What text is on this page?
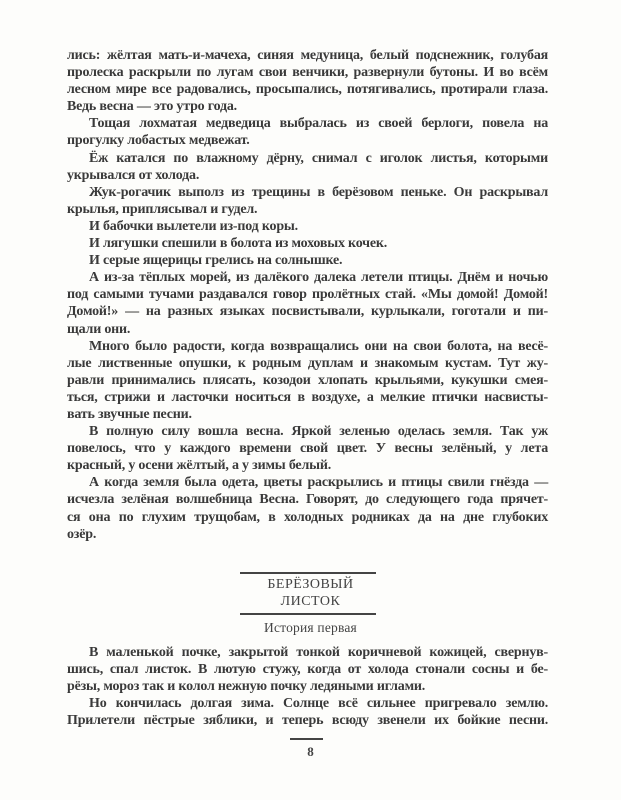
лись: жёлтая мать-и-мачеха, синяя медуница, белый подснежник, голубая
пролеска раскрыли по лугам свои венчики, развернули бутоны. И во всём
лесном мире все радовались, просыпались, потягивались, протирали глаза.
Ведь весна — это утро года.
Тощая лохматая медведица выбралась из своей берлоги, повела на
прогулку лобастых медвежат.
Ёж катался по влажному дёрну, снимал с иголок листья, которыми
укрывался от холода.
Жук-рогачик выполз из трещины в берёзовом пеньке. Он раскрывал
крылья, приплясывал и гудел.
И бабочки вылетели из-под коры.
И лягушки спешили в болота из моховых кочек.
И серые ящерицы грелись на солнышке.
А из-за тёплых морей, из далёкого далека летели птицы. Днём и ночью
под самыми тучами раздавался говор пролётных стай. «Мы домой! Домой!
Домой!» — на разных языках посвистывали, курлыкали, гоготали и пи-
щали они.
Много было радости, когда возвращались они на свои болота, на весё-
лые лиственные опушки, к родным дуплам и знакомым кустам. Тут жу-
равли принимались плясать, козодои хлопать крыльями, кукушки смея-
ться, стрижи и ласточки носиться в воздухе, а мелкие птички насвисты-
вать звучные песни.
В полную силу вошла весна. Яркой зеленью оделась земля. Так уж
повелось, что у каждого времени свой цвет. У весны зелёный, у лета
красный, у осени жёлтый, а у зимы белый.
А когда земля была одета, цветы раскрылись и птицы свили гнёзда —
исчезла зелёная волшебница Весна. Говорят, до следующего года прячет-
ся она по глухим трущобам, в холодных родниках да на дне глубоких
озёр.
БЕРЁЗОВЫЙ
ЛИСТОК
История первая
В маленькой почке, закрытой тонкой коричневой кожицей, свернув-
шись, спал листок. В лютую стужу, когда от холода стонали сосны и бе-
рёзы, мороз так и колол нежную почку ледяными иглами.
Но кончилась долгая зима. Солнце всё сильнее пригревало землю.
Прилетели пёстрые зяблики, и теперь всюду звенели их бойкие песни.
8
